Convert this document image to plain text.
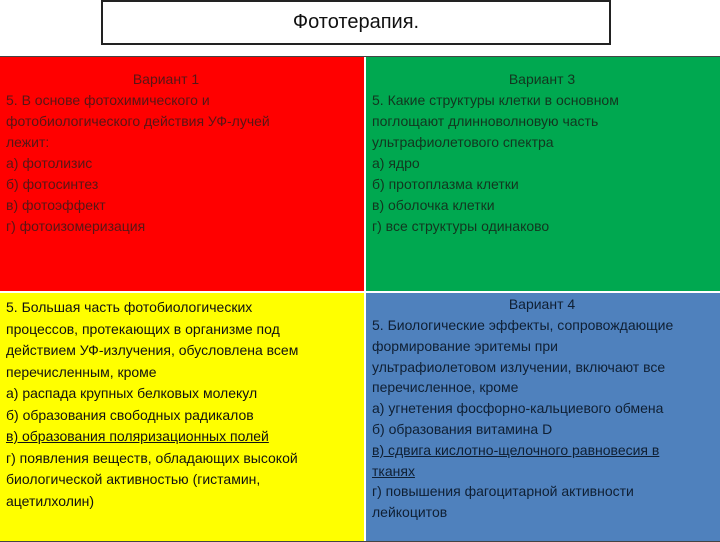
Фототерапия.
Вариант 1
5. В основе фотохимического и
фотобиологического действия УФ-лучей
лежит:
а) фотолизис
б) фотосинтез
в) фотоэффект
г) фотоизомеризация
Вариант 3
5. Какие структуры клетки в основном
поглощают длинноволновую часть
ультрафиолетового спектра
а) ядро
б) протоплазма клетки
в) оболочка клетки
г) все структуры одинаково
5. Большая часть фотобиологических
процессов, протекающих в организме под
действием УФ-излучения, обусловлена всем
перечисленным, кроме
а) распада крупных белковых молекул
б) образования свободных радикалов
в) образования поляризационных полей
г) появления веществ, обладающих высокой
биологической активностью (гистамин,
ацетилхолин)
Вариант 4
5. Биологические эффекты, сопровождающие
формирование эритемы при
ультрафиолетовом излучении, включают все
перечисленное, кроме
а) угнетения фосфорно-кальциевого обмена
б) образования витамина D
в) сдвига кислотно-щелочного равновесия в
тканях
г) повышения фагоцитарной активности
лейкоцитов
